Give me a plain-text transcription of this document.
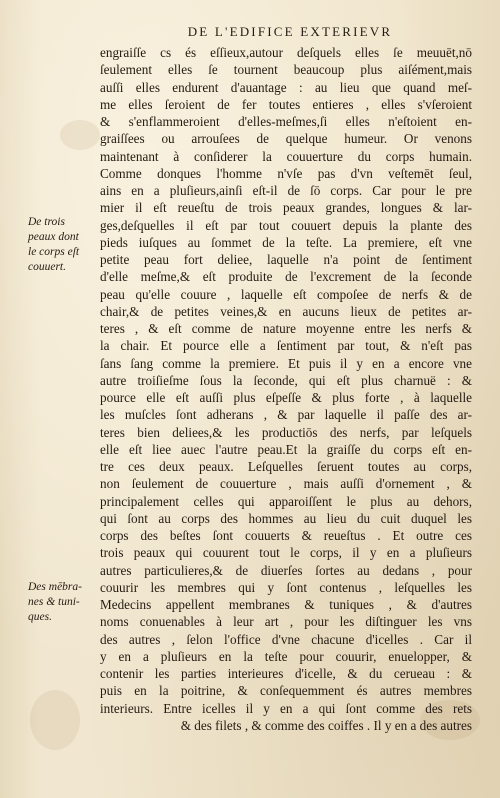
DE L'EDIFICE EXTERIEVR
De trois
peaux dont
le corps eſt
couuert.
Des mēbra-
nes & tuni-
ques.
engraiſſe cs és eſſieux,autour deſquels elles ſe meuuēt,nō
ſeulement elles ſe tournent beaucoup plus aiſément,mais
auſſi elles endurent d'auantage : au lieu que quand meſ-
me elles ſeroient de fer toutes entieres , elles s'vſeroient
& s'enflammeroient d'elles-meſmes,ſi elles n'eſtoient en-
graiſſees ou arrouſees de quelque humeur. Or venons
maintenant à conſiderer la couuerture du corps humain.
Comme donques l'homme n'vſe pas d'vn veſtemēt ſeul,
ains en a pluſieurs,ainſi eſt-il de ſō corps. Car pour le pre
mier il eſt reueſtu de trois peaux grandes, longues & lar-
ges,deſquelles il eſt par tout couuert depuis la plante des
pieds iuſques au ſommet de la teſte. La premiere, eſt vne
petite peau fort deliee, laquelle n'a point de ſentiment
d'elle meſme,& eſt produite de l'excrement de la ſeconde
peau qu'elle couure , laquelle eſt compoſee de nerfs & de
chair,& de petites veines,& en aucuns lieux de petites ar-
teres , & eſt comme de nature moyenne entre les nerfs &
la chair. Et pource elle a ſentiment par tout, & n'eſt pas
ſans ſang comme la premiere. Et puis il y en a encore vne
autre troiſieſme ſous la ſeconde, qui eſt plus charnuë : &
pource elle eſt auſſi plus eſpeſſe & plus forte , à laquelle
les muſcles ſont adherans , & par laquelle il paſſe des ar-
teres bien deliees,& les productiōs des nerfs, par leſquels
elle eſt liee auec l'autre peau.Et la graiſſe du corps eſt en-
tre ces deux peaux. Leſquelles ſeruent toutes au corps,
non ſeulement de couuerture , mais auſſi d'ornement , &
principalement celles qui apparoiſſent le plus au dehors,
qui ſont au corps des hommes au lieu du cuit duquel les
corps des beſtes ſont couuerts & reueſtus . Et outre ces
trois peaux qui couurent tout le corps, il y en a pluſieurs
autres particulieres,& de diuerſes ſortes au dedans , pour
couurir les membres qui y ſont contenus , leſquelles les
Medecins appellent membranes & tuniques , & d'autres
noms conuenables à leur art , pour les diſtinguer les vns
des autres , ſelon l'office d'vne chacune d'icelles . Car il
y en a pluſieurs en la teſte pour couurir, enuelopper, &
contenir les parties interieures d'icelle, & du cerueau : &
puis en la poitrine, & conſequemment és autres membres
interieurs. Entre icelles il y en a qui ſont comme des rets
& des filets , & comme des coiffes . Il y en a des autres
